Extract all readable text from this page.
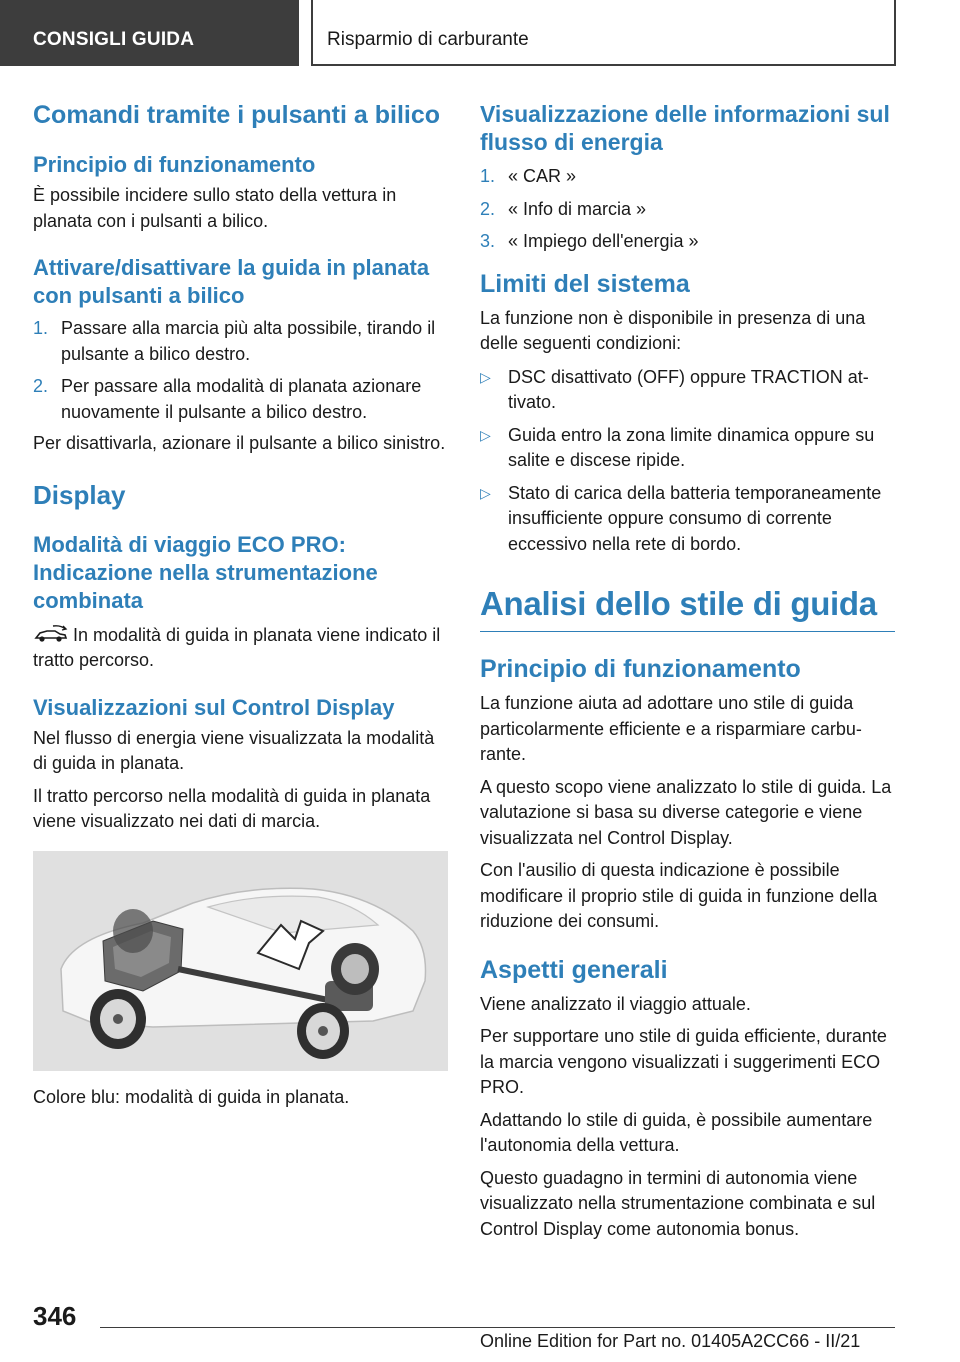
CONSIGLI GUIDA	Risparmio di carburante
Comandi tramite i pulsanti a bilico
Principio di funzionamento

È possibile incidere sullo stato della vettura in planata con i pulsanti a bilico.

Attivare/disattivare la guida in planata con pulsanti a bilico
1. Passare alla marcia più alta possibile, tirando il pulsante a bilico destro.
2. Per passare alla modalità di planata azionare nuovamente il pulsante a bilico destro.

Per disattivarla, azionare il pulsante a bilico sinistro.

Display
Modalità di viaggio ECO PRO: Indicazione nella strumentazione combinata

In modalità di guida in planata viene indicato il tratto percorso.

Visualizzazioni sul Control Display

Nel flusso di energia viene visualizzata la modalità di guida in planata.

Il tratto percorso nella modalità di guida in planata viene visualizzato nei dati di marcia.

Colore blu: modalità di guida in planata.

Visualizzazione delle informazioni sul flusso di energia
1. « CAR »
2. « Info di marcia »
3. « Impiego dell'energia »
Limiti del sistema

La funzione non è disponibile in presenza di una delle seguenti condizioni:

▷ DSC disattivato (OFF) oppure TRACTION attivato.
▷ Guida entro la zona limite dinamica oppure su salite e discese ripide.
▷ Stato di carica della batteria temporaneamente insufficiente oppure consumo di corrente eccessivo nella rete di bordo.
Analisi dello stile di guida
Principio di funzionamento

La funzione aiuta ad adottare uno stile di guida particolarmente efficiente e a risparmiare carburante.

A questo scopo viene analizzato lo stile di guida. La valutazione si basa su diverse categorie e viene visualizzata nel Control Display.

Con l'ausilio di questa indicazione è possibile modificare il proprio stile di guida in funzione della riduzione dei consumi.

Aspetti generali

Viene analizzato il viaggio attuale.

Per supportare uno stile di guida efficiente, durante la marcia vengono visualizzati i suggerimenti ECO PRO.

Adattando lo stile di guida, è possibile aumentare l'autonomia della vettura.

Questo guadagno in termini di autonomia viene visualizzato nella strumentazione combinata e sul Control Display come autonomia bonus.

346
Online Edition for Part no. 01405A2CC66 - II/21
